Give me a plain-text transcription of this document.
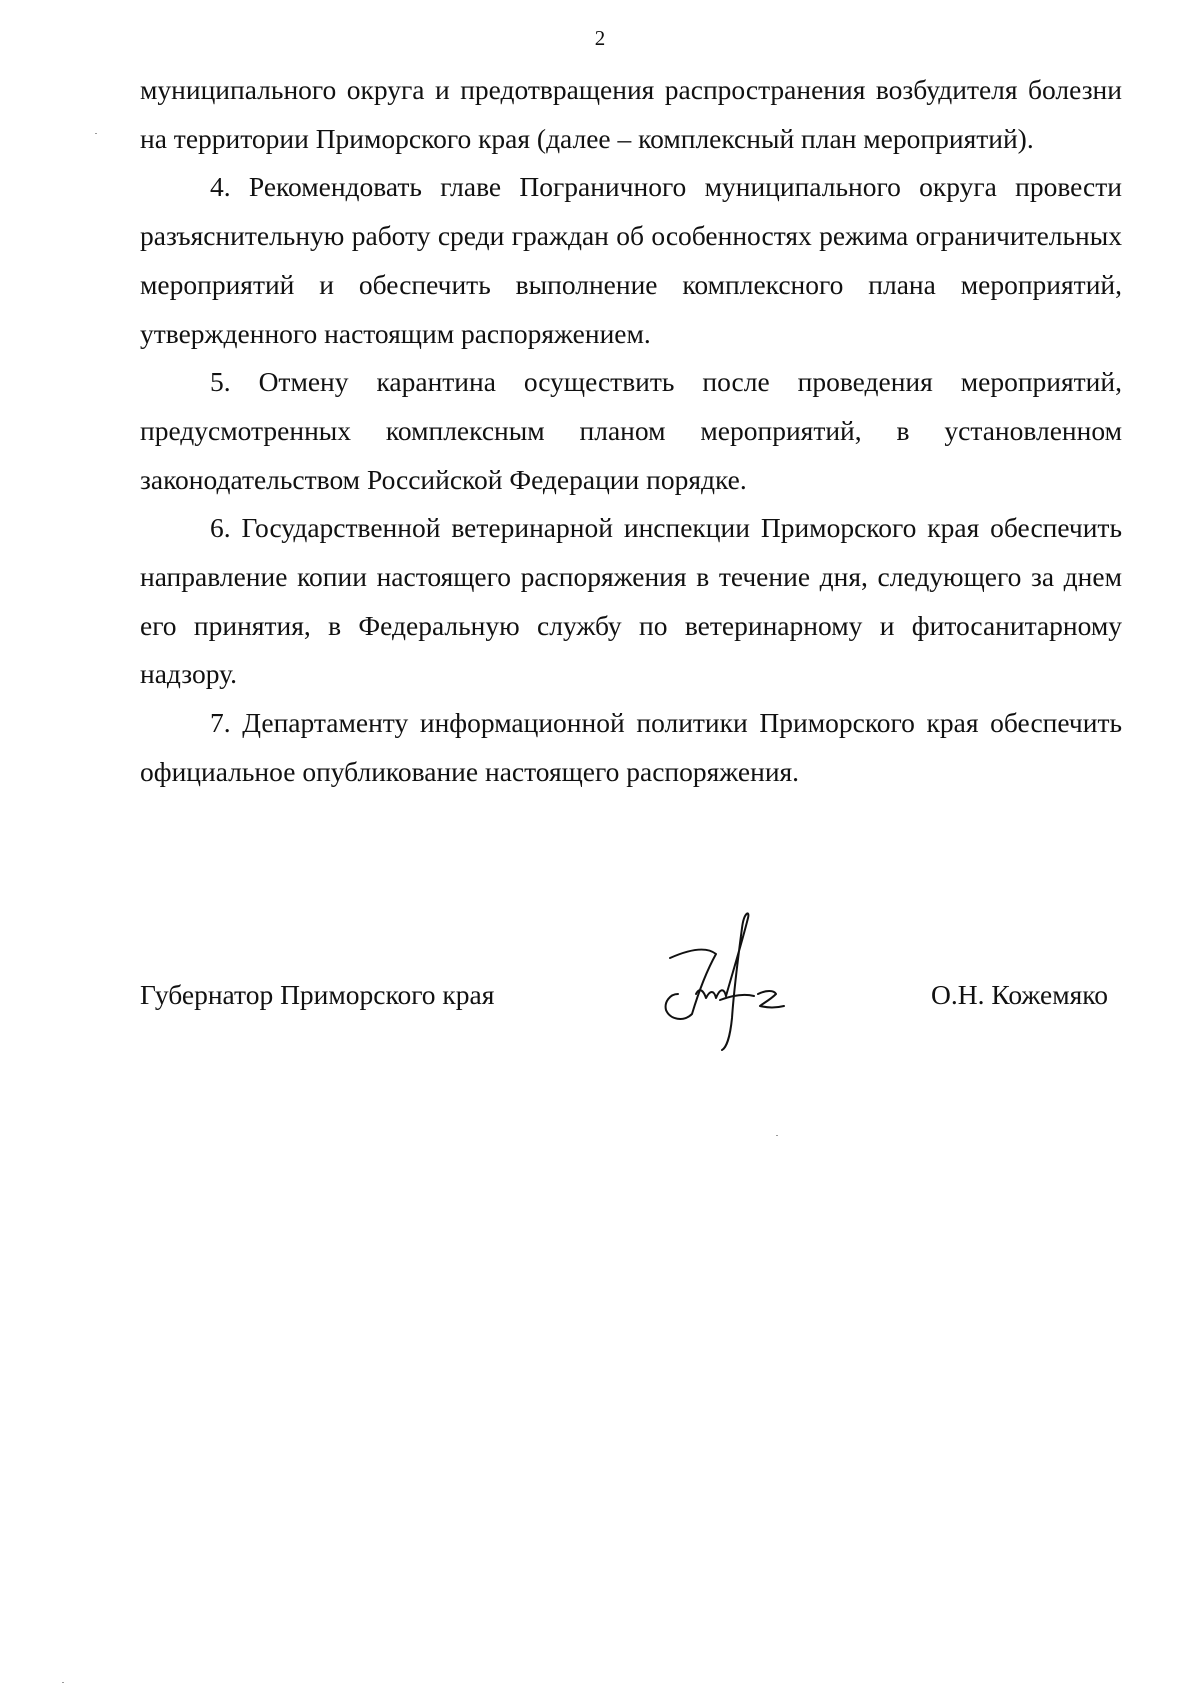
2

муниципального округа и предотвращения распространения возбудителя болезни на территории Приморского края (далее – комплексный план мероприятий).

4. Рекомендовать главе Пограничного муниципального округа провести разъяснительную работу среди граждан об особенностях режима ограничительных мероприятий и обеспечить выполнение комплексного плана мероприятий, утвержденного настоящим распоряжением.

5. Отмену карантина осуществить после проведения мероприятий, предусмотренных комплексным планом мероприятий, в установленном законодательством Российской Федерации порядке.

6. Государственной ветеринарной инспекции Приморского края обеспечить направление копии настоящего распоряжения в течение дня, следующего за днем его принятия, в Федеральную службу по ветеринарному и фитосанитарному надзору.

7. Департаменту информационной политики Приморского края обеспечить официальное опубликование настоящего распоряжения.

Губернатор Приморского края	О.Н. Кожемяко
